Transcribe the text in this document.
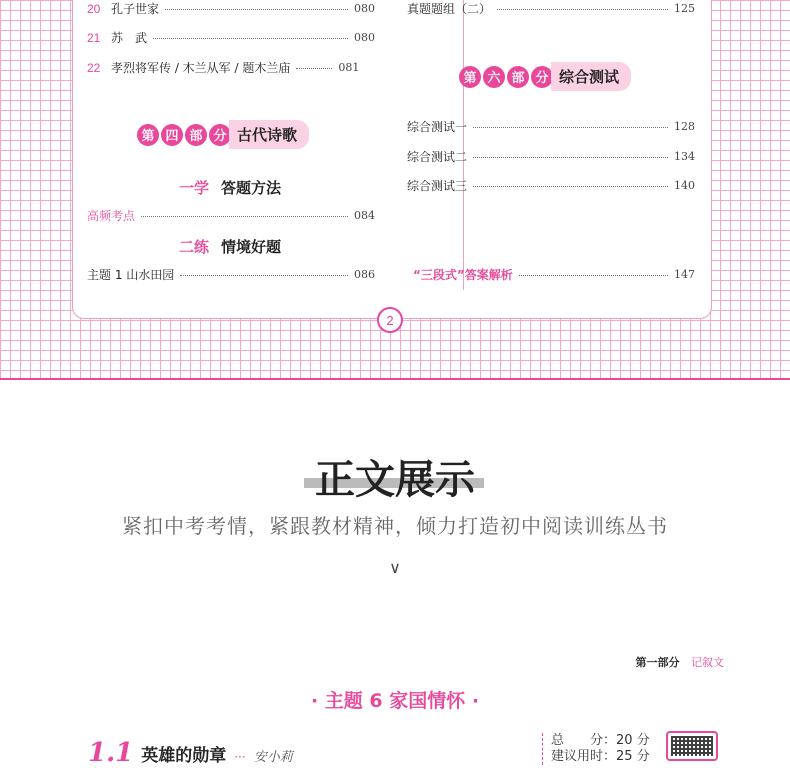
20 孔子世家	080
21 苏　武	080
22 孝烈将军传 / 木兰从军 / 题木兰庙	081
第 四 部 分 古代诗歌
一学 答题方法
高频考点	084
二练 情境好题
主题 1 山水田园	086
真题题组（二）	125
第 六 部 分 综合测试
综合测试一	128
综合测试二	134
综合测试三	140
“三段式”答案解析	147
2
正文展示
紧扣中考考情，紧跟教材精神，倾力打造初中阅读训练丛书
∨
第一部分 记叙文
· 主题 6 家国情怀 ·
1.1 英雄的勋章 ··· 安小莉
总　　分：20 分
建议用时：25 分
